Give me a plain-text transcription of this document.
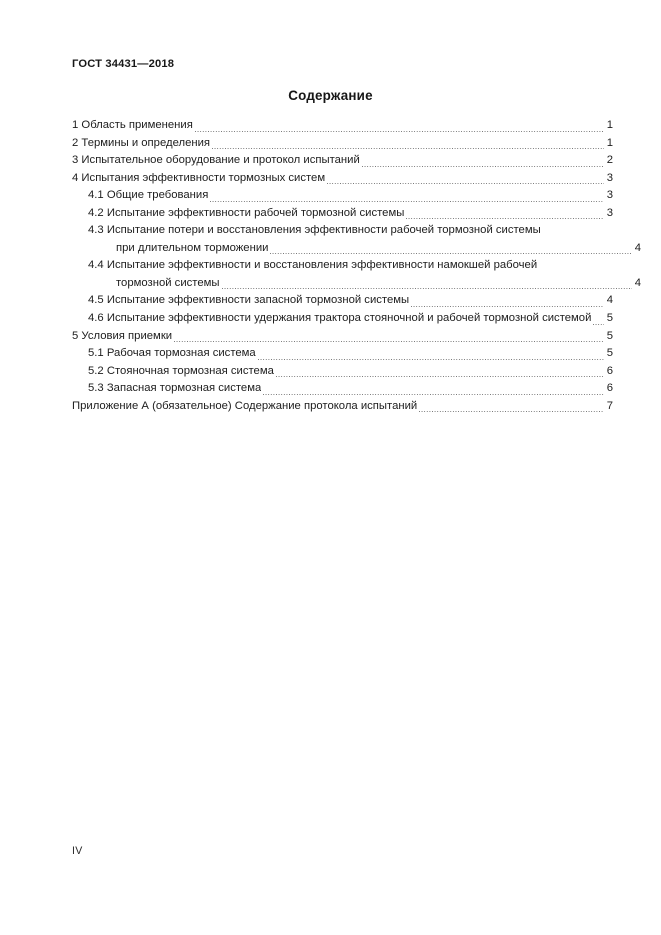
ГОСТ 34431—2018
Содержание
1 Область применения	1
2 Термины и определения	1
3 Испытательное оборудование и протокол испытаний	2
4 Испытания эффективности тормозных систем	3
4.1 Общие требования	3
4.2 Испытание эффективности рабочей тормозной системы	3
4.3 Испытание потери и восстановления эффективности рабочей тормозной системы
при длительном торможении	4
4.4 Испытание эффективности и восстановления эффективности намокшей рабочей
тормозной системы	4
4.5 Испытание эффективности запасной тормозной системы	4
4.6 Испытание эффективности удержания трактора стояночной и рабочей тормозной системой 5
5 Условия приемки	5
5.1 Рабочая тормозная система	5
5.2 Стояночная тормозная система	6
5.3 Запасная тормозная система	6
Приложение А (обязательное) Содержание протокола испытаний	7
IV
